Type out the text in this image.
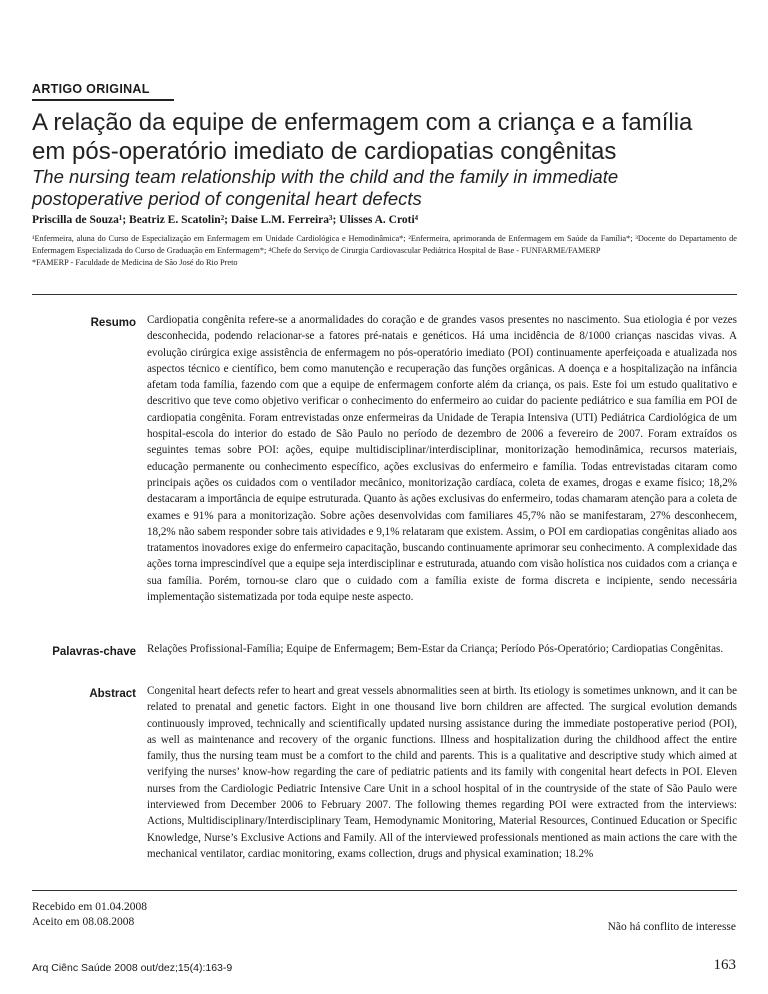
ARTIGO ORIGINAL
A relação da equipe de enfermagem com a criança e a família em pós-operatório imediato de cardiopatias congênitas
The nursing team relationship with the child and the family in immediate postoperative period of congenital heart defects
Priscilla de Souza¹; Beatriz E. Scatolin²; Daise L.M. Ferreira³; Ulisses A. Croti⁴
¹Enfermeira, aluna do Curso de Especialização em Enfermagem em Unidade Cardiológica e Hemodinâmica*; ²Enfermeira, aprimoranda de Enfermagem em Saúde da Família*; ³Docente do Departamento de Enfermagem Especializada do Curso de Graduação em Enfermagem*; ⁴Chefe do Serviço de Cirurgia Cardiovascular Pediátrica Hospital de Base - FUNFARME/FAMERP
*FAMERP - Faculdade de Medicina de São José do Rio Preto
Resumo Cardiopatia congênita refere-se a anormalidades do coração e de grandes vasos presentes no nascimento. Sua etiologia é por vezes desconhecida, podendo relacionar-se a fatores pré-natais e genéticos. Há uma incidência de 8/1000 crianças nascidas vivas. A evolução cirúrgica exige assistência de enfermagem no pós-operatório imediato (POI) continuamente aperfeiçoada e atualizada nos aspectos técnico e científico, bem como manutenção e recuperação das funções orgânicas. A doença e a hospitalização na infância afetam toda família, fazendo com que a equipe de enfermagem conforte além da criança, os pais. Este foi um estudo qualitativo e descritivo que teve como objetivo verificar o conhecimento do enfermeiro ao cuidar do paciente pediátrico e sua família em POI de cardiopatia congênita. Foram entrevistadas onze enfermeiras da Unidade de Terapia Intensiva (UTI) Pediátrica Cardiológica de um hospital-escola do interior do estado de São Paulo no período de dezembro de 2006 a fevereiro de 2007. Foram extraídos os seguintes temas sobre POI: ações, equipe multidisciplinar/interdisciplinar, monitorização hemodinâmica, recursos materiais, educação permanente ou conhecimento específico, ações exclusivas do enfermeiro e família. Todas entrevistadas citaram como principais ações os cuidados com o ventilador mecânico, monitorização cardíaca, coleta de exames, drogas e exame físico; 18,2% destacaram a importância de equipe estruturada. Quanto às ações exclusivas do enfermeiro, todas chamaram atenção para a coleta de exames e 91% para a monitorização. Sobre ações desenvolvidas com familiares 45,7% não se manifestaram, 27% desconhecem, 18,2% não sabem responder sobre tais atividades e 9,1% relataram que existem. Assim, o POI em cardiopatias congênitas aliado aos tratamentos inovadores exige do enfermeiro capacitação, buscando continuamente aprimorar seu conhecimento. A complexidade das ações torna imprescindível que a equipe seja interdisciplinar e estruturada, atuando com visão holística nos cuidados com a criança e sua família. Porém, tornou-se claro que o cuidado com a família existe de forma discreta e incipiente, sendo necessária implementação sistematizada por toda equipe neste aspecto.
Palavras-chave Relações Profissional-Família; Equipe de Enfermagem; Bem-Estar da Criança; Período Pós-Operatório; Cardiopatias Congênitas.
Abstract Congenital heart defects refer to heart and great vessels abnormalities seen at birth. Its etiology is sometimes unknown, and it can be related to prenatal and genetic factors. Eight in one thousand live born children are affected. The surgical evolution demands continuously improved, technically and scientifically updated nursing assistance during the immediate postoperative period (POI), as well as maintenance and recovery of the organic functions. Illness and hospitalization during the childhood affect the entire family, thus the nursing team must be a comfort to the child and parents. This is a qualitative and descriptive study which aimed at verifying the nurses’ know-how regarding the care of pediatric patients and its family with congenital heart defects in POI. Eleven nurses from the Cardiologic Pediatric Intensive Care Unit in a school hospital of in the countryside of the state of São Paulo were interviewed from December 2006 to February 2007. The following themes regarding POI were extracted from the interviews: Actions, Multidisciplinary/Interdisciplinary Team, Hemodynamic Monitoring, Material Resources, Continued Education or Specific Knowledge, Nurse’s Exclusive Actions and Family. All of the interviewed professionals mentioned as main actions the care with the mechanical ventilator, cardiac monitoring, exams collection, drugs and physical examination; 18.2%
Recebido em 01.04.2008
Aceito em 08.08.2008	Não há conflito de interesse
Arq Ciênc Saúde 2008 out/dez;15(4):163-9	163
